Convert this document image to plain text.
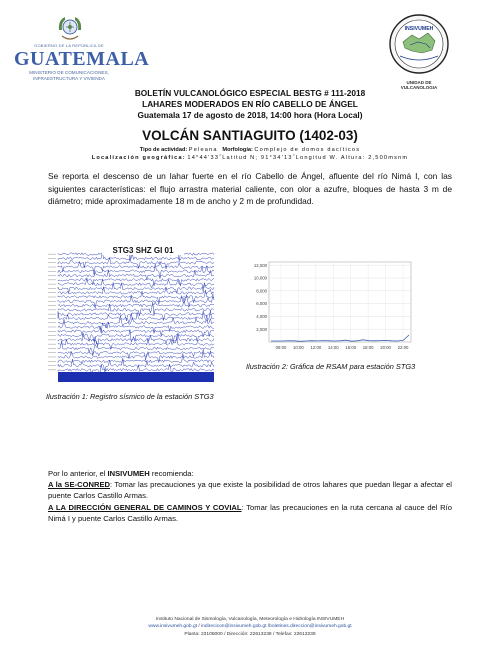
GOBIERNO DE LA REPÚBLICA DE
GUATEMALA
MINISTERIO DE COMUNICACIONES,
INFRAESTRUCTURA Y VIVIENDA
INSIVUMEH
UNIDAD DE VULCANOLOGIA
BOLETÍN VULCANOLÓGICO ESPECIAL BESTG # 111-2018
LAHARES MODERADOS EN RÍO CABELLO DE ÁNGEL
Guatemala 17 de agosto de 2018, 14:00 hora (Hora Local)
VOLCÁN SANTIAGUITO (1402-03)
Tipo de actividad: Peleana Morfología: Complejo de domos dacíticos
Localización geográfica: 14°44’33˝Latitud N; 91°34’13˝Longitud W. Altura: 2,500msnm
Se reporta el descenso de un lahar fuerte en el río Cabello de Ángel, afluente del río Nimá I, con las siguientes características: el flujo arrastra material caliente, con olor a azufre, bloques de hasta 3 m de diámetro; mide aproximadamente 18 m de ancho y 2 m de profundidad.
STG3 SHZ GI 01
Ilustración 1: Registro sísmico de la estación STG3
2,000
4,000
6,000
8,000
10,000
12,000
08:00 10:00 12:00 14:00 16:00 18:00 20:00 22:00
Ilustración 2: Gráfica de RSAM para estación STG3

Por lo anterior, el INSIVUMEH recomienda:

A la SE-CONRED: Tomar las precauciones ya que existe la posibilidad de otros lahares que puedan llegar a afectar el puente Carlos Castillo Armas.

A LA DIRECCIÓN GENERAL DE CAMINOS Y COVIAL: Tomar las precauciones en la ruta cercana al cauce del Río Nimá I y puente Carlos Castillo Armas.

Instituto Nacional de Sismología, Vulcanología, Meteorología e Hidrología INSIVUMEH
www.insivumeh.gob.gt / indirecicon@insivumeh.gob.gt /boletines.direccion@insivumeh.gob.gt
Planta: 23105000 / Dirección: 22613238 / Telefax: 22613239
